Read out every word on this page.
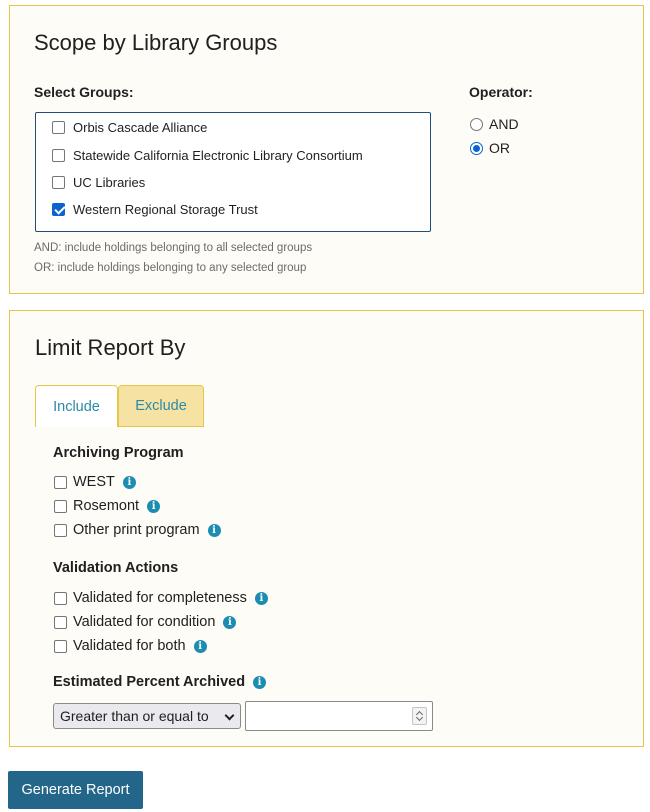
Scope by Library Groups
Select Groups:
Orbis Cascade Alliance
Statewide California Electronic Library Consortium
UC Libraries
Western Regional Storage Trust
Operator:
AND
OR
AND: include holdings belonging to all selected groups
OR: include holdings belonging to any selected group
Limit Report By
Include	Exclude
Archiving Program
WEST	i
Rosemont	i
Other print program	i
Validation Actions
Validated for completeness	i
Validated for condition	i
Validated for both	i
Estimated Percent Archived	i
Greater than or equal to
Generate Report
